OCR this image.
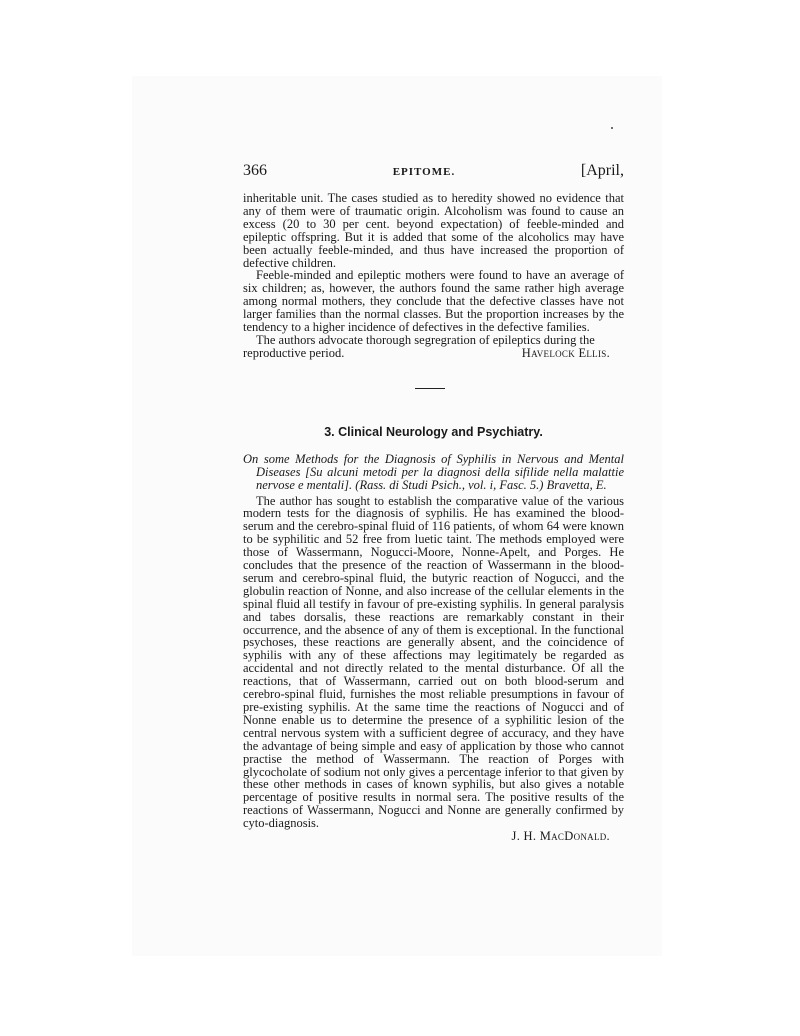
366	EPITOME.	[April,

inheritable unit. The cases studied as to heredity showed no evidence that any of them were of traumatic origin. Alcoholism was found to cause an excess (20 to 30 per cent. beyond expectation) of feeble-minded and epileptic offspring. But it is added that some of the alcoholics may have been actually feeble-minded, and thus have increased the proportion of defective children.

Feeble-minded and epileptic mothers were found to have an average of six children; as, however, the authors found the same rather high average among normal mothers, they conclude that the defective classes have not larger families than the normal classes. But the proportion increases by the tendency to a higher incidence of defectives in the defective families.

The authors advocate thorough segregration of epileptics during the

reproductive period.	Havelock Ellis.
3. Clinical Neurology and Psychiatry.

On some Methods for the Diagnosis of Syphilis in Nervous and Mental Diseases [Su alcuni metodi per la diagnosi della sifilide nella malattie nervose e mentali]. (Rass. di Studi Psich., vol. i, Fasc. 5.) Bravetta, E.

The author has sought to establish the comparative value of the various modern tests for the diagnosis of syphilis. He has examined the blood-serum and the cerebro-spinal fluid of 116 patients, of whom 64 were known to be syphilitic and 52 free from luetic taint. The methods employed were those of Wassermann, Nogucci-Moore, Nonne-Apelt, and Porges. He concludes that the presence of the reaction of Wassermann in the blood-serum and cerebro-spinal fluid, the butyric reaction of Nogucci, and the globulin reaction of Nonne, and also increase of the cellular elements in the spinal fluid all testify in favour of pre-existing syphilis. In general paralysis and tabes dorsalis, these reactions are remarkably constant in their occurrence, and the absence of any of them is exceptional. In the functional psychoses, these reactions are generally absent, and the coincidence of syphilis with any of these affections may legitimately be regarded as accidental and not directly related to the mental disturbance. Of all the reactions, that of Wassermann, carried out on both blood-serum and cerebro-spinal fluid, furnishes the most reliable presumptions in favour of pre-existing syphilis. At the same time the reactions of Nogucci and of Nonne enable us to determine the presence of a syphilitic lesion of the central nervous system with a sufficient degree of accuracy, and they have the advantage of being simple and easy of application by those who cannot practise the method of Wassermann. The reaction of Porges with glycocholate of sodium not only gives a percentage inferior to that given by these other methods in cases of known syphilis, but also gives a notable percentage of positive results in normal sera. The positive results of the reactions of Wassermann, Nogucci and Nonne are generally confirmed by cyto-diagnosis.

J. H. MacDonald.
